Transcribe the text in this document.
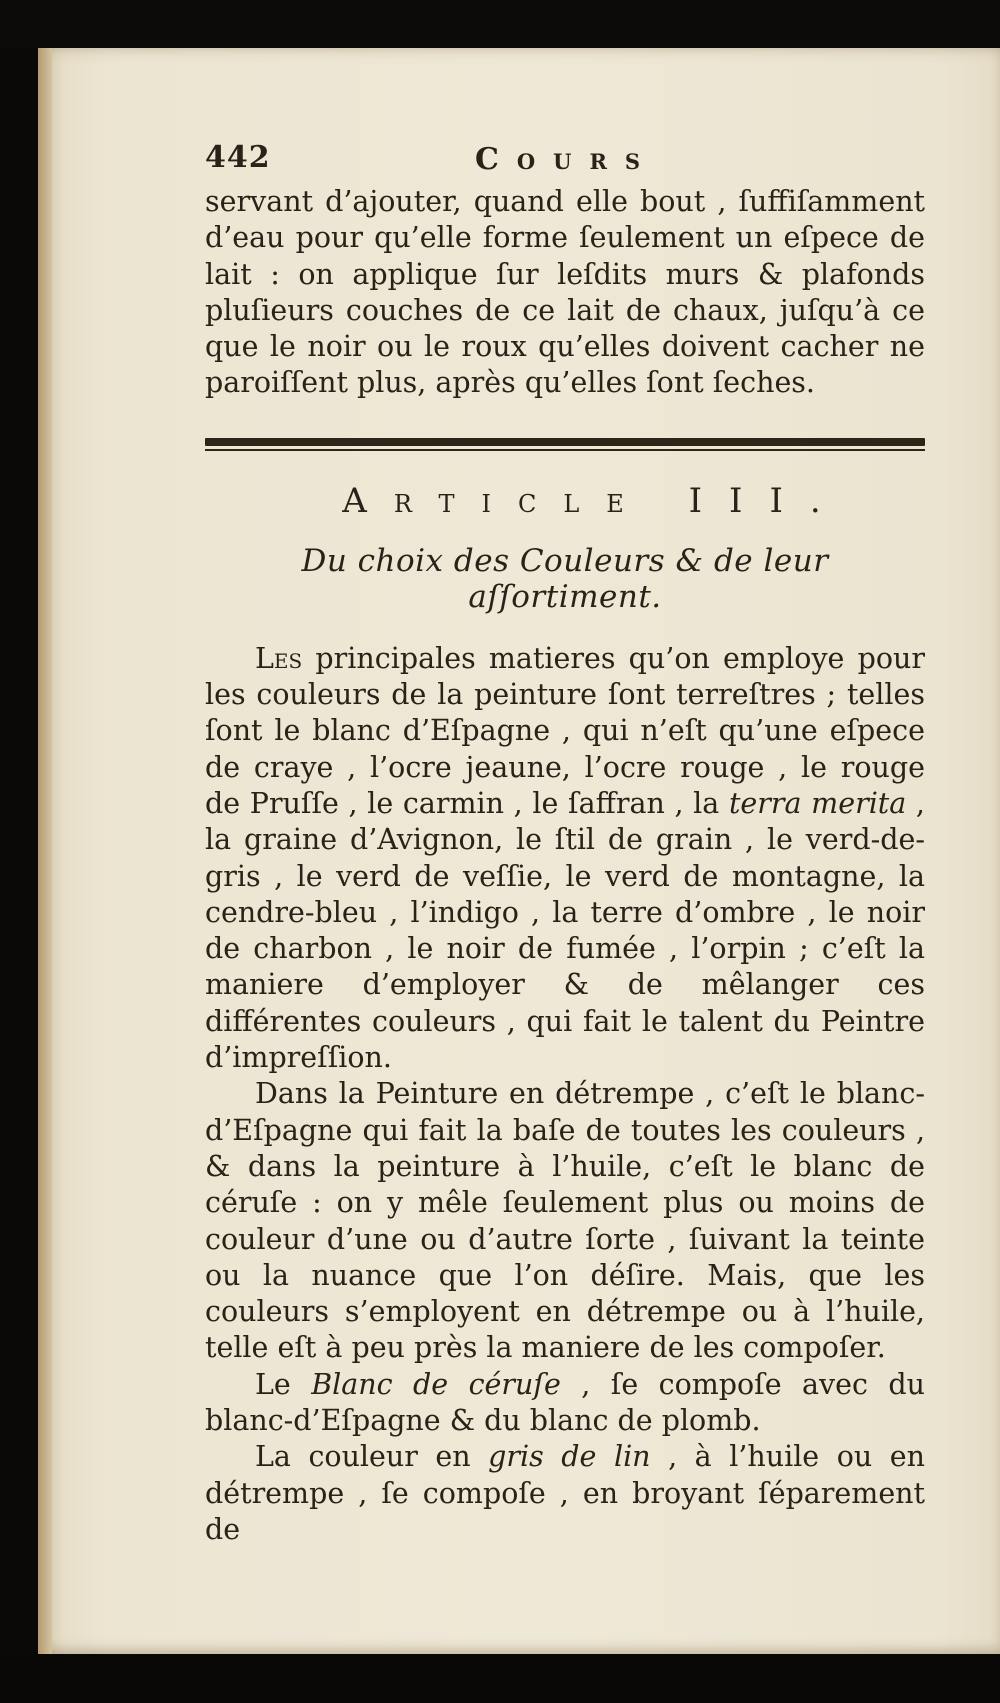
442	Cours

servant d’ajouter, quand elle bout , ſuffiſamment d’eau pour qu’elle forme ſeulement un eſpece de lait : on applique ſur leſdits murs & plafonds pluſieurs couches de ce lait de chaux, juſqu’à ce que le noir ou le roux qu’elles doivent cacher ne paroiſſent plus, après qu’elles ſont ſeches.

Article III.
Du choix des Couleurs & de leur aſſortiment.

Les principales matieres qu’on employe pour les couleurs de la peinture ſont terreſtres ; telles ſont le blanc d’Eſpagne , qui n’eſt qu’une eſpece de craye , l’ocre jeaune, l’ocre rouge , le rouge de Pruſſe , le carmin , le ſaffran , la terra merita , la graine d’Avignon, le ſtil de grain , le verd-de-gris , le verd de veſſie, le verd de montagne, la cendre-bleu , l’indigo , la terre d’ombre , le noir de charbon , le noir de fumée , l’orpin ; c’eſt la maniere d’employer & de mêlanger ces différentes couleurs , qui fait le talent du Peintre d’impreſſion.

Dans la Peinture en détrempe , c’eſt le blanc-d’Eſpagne qui fait la baſe de toutes les couleurs , & dans la peinture à l’huile, c’eſt le blanc de céruſe : on y mêle ſeulement plus ou moins de couleur d’une ou d’autre ſorte , ſuivant la teinte ou la nuance que l’on déſire. Mais, que les couleurs s’employent en détrempe ou à l’huile, telle eſt à peu près la maniere de les compoſer.

Le Blanc de céruſe , ſe compoſe avec du blanc-d’Eſpagne & du blanc de plomb.

La couleur en gris de lin , à l’huile ou en détrempe , ſe compoſe , en broyant ſéparement de
